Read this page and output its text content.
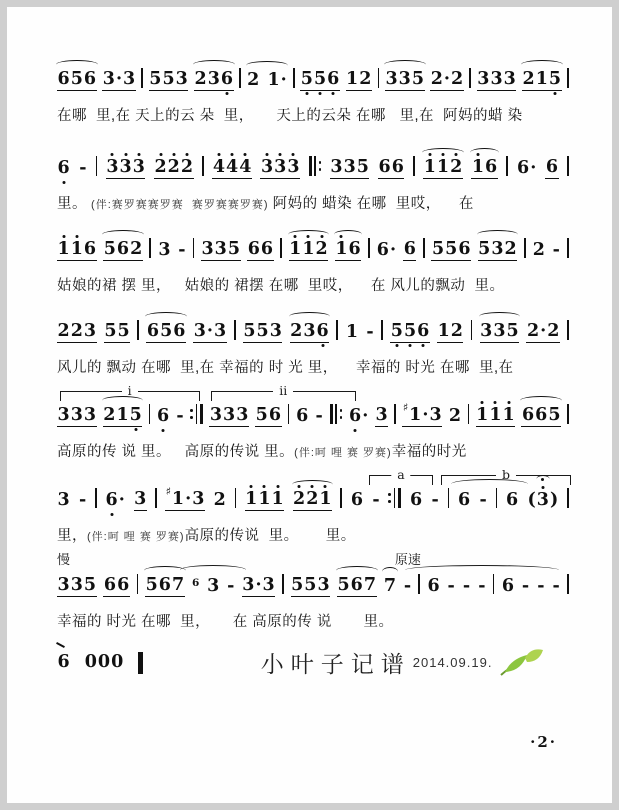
6 5 6 3 · 3 5 5 3 2 3 6 2
1 · 5 5 6 1 2 3 3 5 2 · 2 3 3 3 2 1 5
在哪  里,在 天上的云 朵  里，     天上的云朵 在哪   里,在  阿妈的蜡 染
6 - 3 3 3 2 2 2 4 4 4 3 3 3 3 3 5 6 6 1 1 2 1 6 6 · 6
里。 (伴:赛罗赛赛罗赛  赛罗赛赛罗赛) 阿妈的 蜡染 在哪  里哎，    在
1 1 6 5 6 2 3 - 3 3 5 6 6 1 1 2 1 6 6 · 6 5 5 6 5 3 2 2 -
姑娘的裙 摆 里，   姑娘的 裙摆 在哪  里哎，    在 风儿的飘动  里。
2 2 3 5 5 6 5 6 3 · 3 5 5 3 2 3 6 1 - 5 5 6 1 2 3 3 5 2 · 2
风儿的 飘动 在哪  里,在 幸福的 时 光 里，    幸福的 时光 在哪  里,在
i	ii
3 3 3 2 1 5 6 - 3 3 3 5 6 6 - 6 · 3 ♯ 1 · 3 2 1 1 1 6 6 5
高原的传 说 里。   高原的传说 里。 (伴:呵 哩 赛 罗赛) 幸福的时光
a	b
3 - 6 · 3 ♯ 1 · 3 2 1 1 1 2 2 1 6 - 6 - 6 - 6 ( 3 )
里， (伴:呵 哩 赛 罗赛) 高原的传说  里。      里。
慢	原速
3 3 5 6 6 5 6 7 6 3 - 3 · 3 5 5 3 5 6 7 7 - 6 -
-
- 6 -
-
-
幸福的 时光 在哪  里，     在 高原的传 说       里。
6 0 0 0	小叶子记谱 2014.09.19.
·2·
